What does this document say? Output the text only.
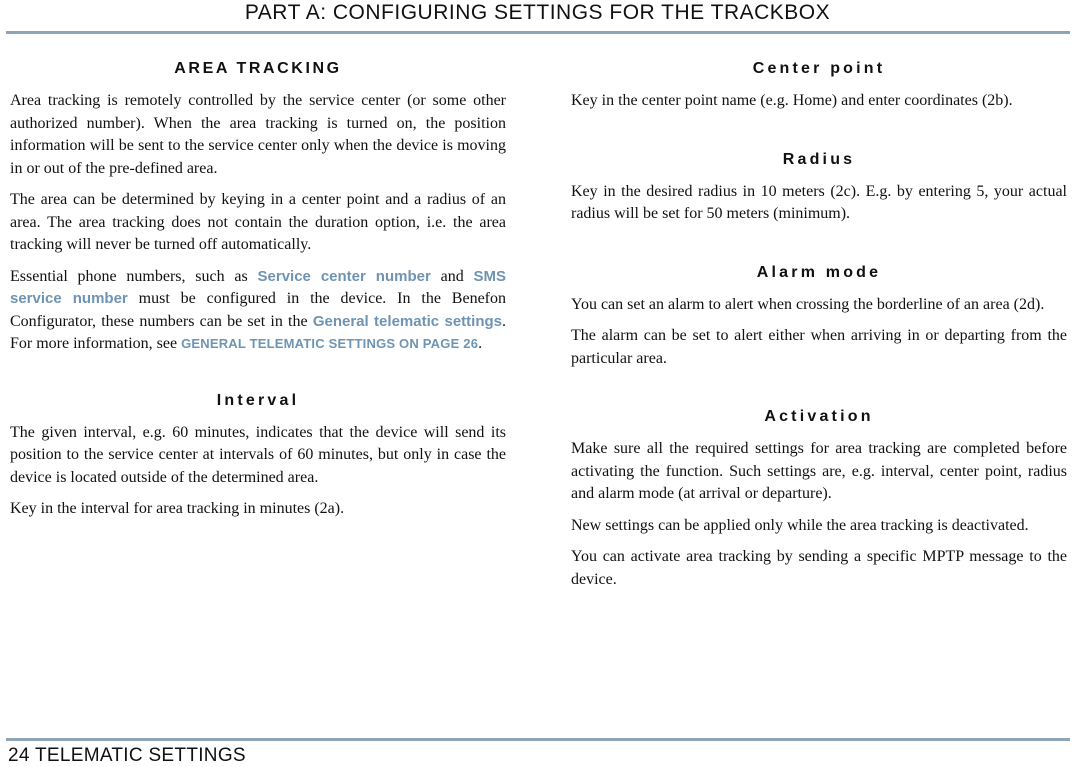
PART A: CONFIGURING SETTINGS FOR THE TRACKBOX
AREA TRACKING

Area tracking is remotely controlled by the service center (or some other authorized number). When the area tracking is turned on, the position information will be sent to the service center only when the device is moving in or out of the pre-defined area.

The area can be determined by keying in a center point and a radius of an area. The area tracking does not contain the duration option, i.e. the area tracking will never be turned off automatically.

Essential phone numbers, such as Service center number and SMS service number must be configured in the device. In the Benefon Configurator, these numbers can be set in the General telematic settings. For more information, see GENERAL TELEMATIC SETTINGS ON PAGE 26.

Interval

The given interval, e.g. 60 minutes, indicates that the device will send its position to the service center at intervals of 60 minutes, but only in case the device is located outside of the determined area.

Key in the interval for area tracking in minutes (2a).

Center point

Key in the center point name (e.g. Home) and enter coordinates (2b).

Radius

Key in the desired radius in 10 meters (2c). E.g. by entering 5, your actual radius will be set for 50 meters (minimum).

Alarm mode

You can set an alarm to alert when crossing the borderline of an area (2d).

The alarm can be set to alert either when arriving in or departing from the particular area.

Activation

Make sure all the required settings for area tracking are completed before activating the function. Such settings are, e.g. interval, center point, radius and alarm mode (at arrival or departure).

New settings can be applied only while the area tracking is deactivated.

You can activate area tracking by sending a specific MPTP message to the device.

24 TELEMATIC SETTINGS
